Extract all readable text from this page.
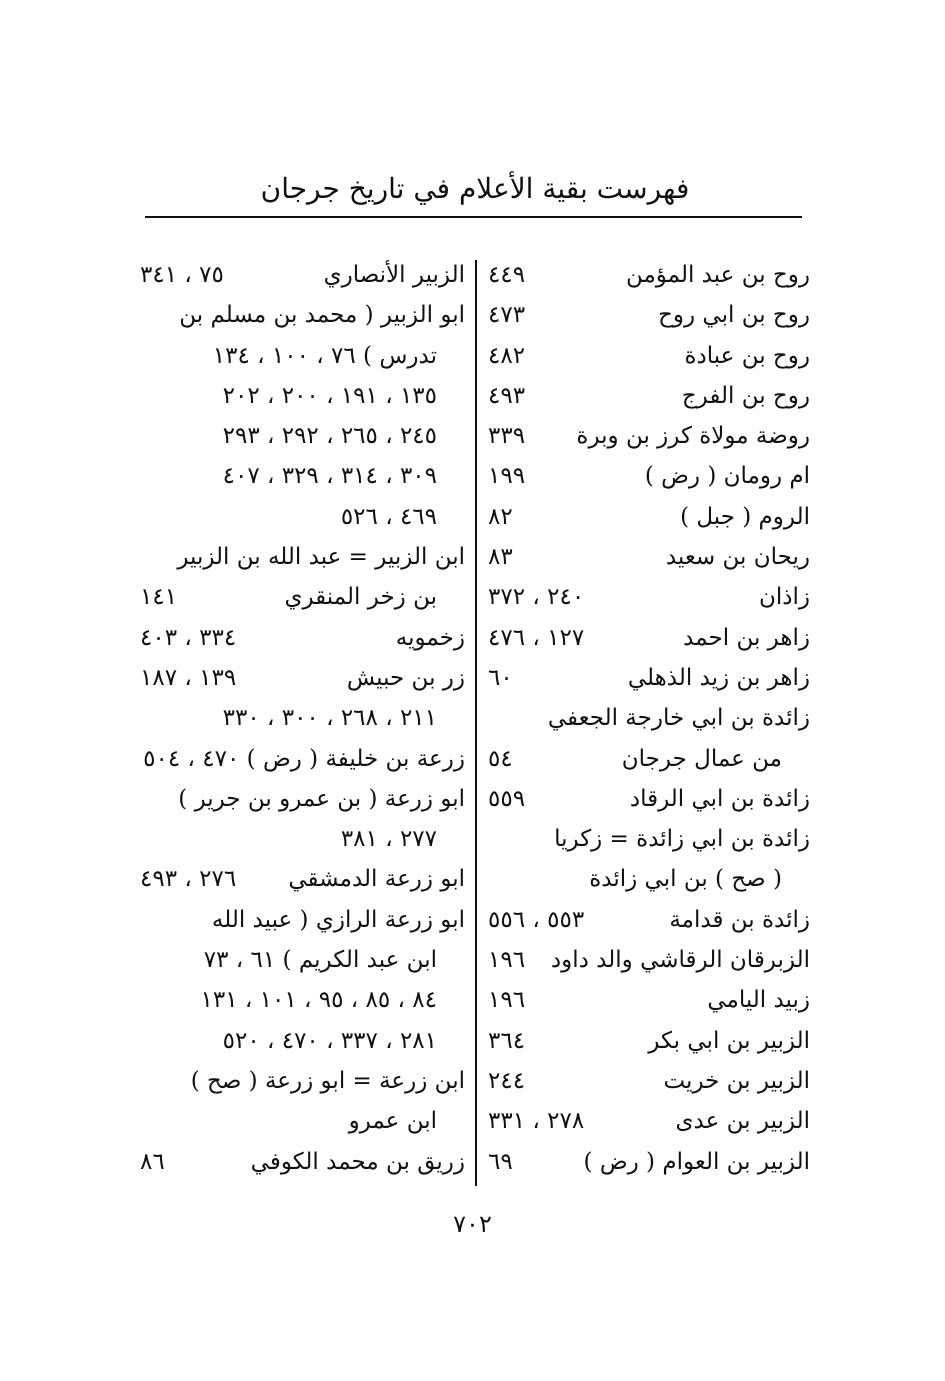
فهرست بقية الأعلام في تاريخ جرجان
روح بن عبد المؤمن
٤٤٩
روح بن ابي روح
٤٧٣
روح بن عبادة
٤٨٢
روح بن الفرج
٤٩٣
روضة مولاة كرز بن وبرة
٣٣٩
ام رومان ( رض )
١٩٩
الروم ( جبل )
٨٢
ريحان بن سعيد
٨٣
زاذان
٢٤٠ ، ٣٧٢
زاهر بن احمد
١٢٧ ، ٤٧٦
زاهر بن زيد الذهلي
٦٠
زائدة بن ابي خارجة الجعفي
من عمال جرجان
٥٤
زائدة بن ابي الرقاد
٥٥٩
زائدة بن ابي زائدة = زكريا
( صح ) بن ابي زائدة
زائدة بن قدامة
٥٥٣ ، ٥٥٦
الزبرقان الرقاشي والد داود
١٩٦
زبيد اليامي
١٩٦
الزبير بن ابي بكر
٣٦٤
الزبير بن خريت
٢٤٤
الزبير بن عدى
٢٧٨ ، ٣٣١
الزبير بن العوام ( رض )
٦٩
الزبير الأنصاري
٧٥ ، ٣٤١
ابو الزبير ( محمد بن مسلم بن
تدرس ) ٧٦ ، ١٠٠ ، ١٣٤
١٣٥ ، ١٩١ ، ٢٠٠ ، ٢٠٢
٢٤٥ ، ٢٦٥ ، ٢٩٢ ، ٢٩٣
٣٠٩ ، ٣١٤ ، ٣٢٩ ، ٤٠٧
٤٦٩ ، ٥٢٦
ابن الزبير = عبد الله بن الزبير
بن زخر المنقري
١٤١
زخمويه
٣٣٤ ، ٤٠٣
زر بن حبيش
١٣٩ ، ١٨٧
٢١١ ، ٢٦٨ ، ٣٠٠ ، ٣٣٠
زرعة بن خليفة ( رض ) ٤٧٠ ، ٥٠٤
ابو زرعة ( بن عمرو بن جرير )
٢٧٧ ، ٣٨١
ابو زرعة الدمشقي
٢٧٦ ، ٤٩٣
ابو زرعة الرازي ( عبيد الله
ابن عبد الكريم ) ٦١ ، ٧٣
٨٤ ، ٨٥ ، ٩٥ ، ١٠١ ، ١٣١
٢٨١ ، ٣٣٧ ، ٤٧٠ ، ٥٢٠
ابن زرعة = ابو زرعة ( صح )
ابن عمرو
زريق بن محمد الكوفي
٨٦
٧٠٢
